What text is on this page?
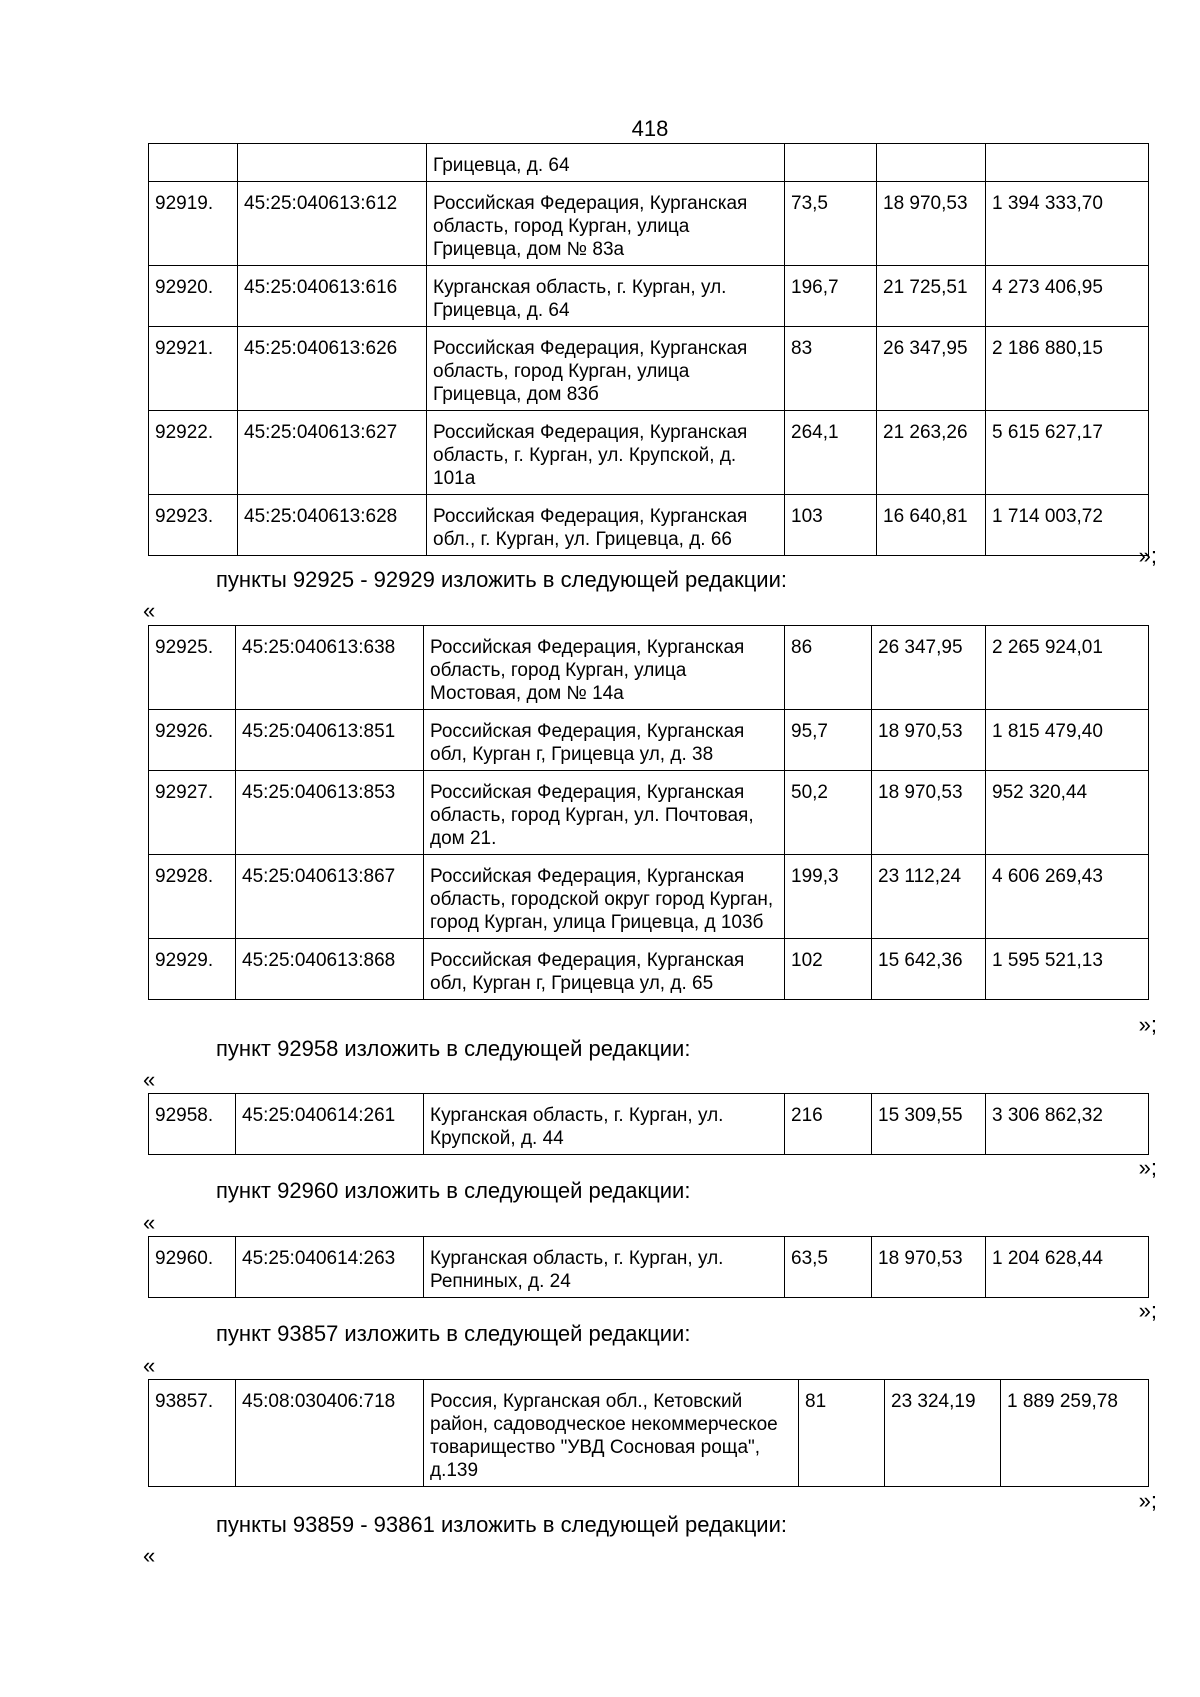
418
		Грицевца, д. 64			
92919.	45:25:040613:612	Российская Федерация, Курганская область, город Курган, улица Грицевца, дом № 83а	73,5	18 970,53	1 394 333,70
92920.	45:25:040613:616	Курганская область, г. Курган, ул. Грицевца, д. 64	196,7	21 725,51	4 273 406,95
92921.	45:25:040613:626	Российская Федерация, Курганская область, город Курган, улица Грицевца, дом 83б	83	26 347,95	2 186 880,15
92922.	45:25:040613:627	Российская Федерация, Курганская область, г. Курган, ул. Крупской, д. 101а	264,1	21 263,26	5 615 627,17
92923.	45:25:040613:628	Российская Федерация, Курганская обл., г. Курган, ул. Грицевца, д. 66	103	16 640,81	1 714 003,72
»;
пункты 92925 - 92929 изложить в следующей редакции:
«
92925.	45:25:040613:638	Российская Федерация, Курганская область, город Курган, улица Мостовая, дом № 14а	86	26 347,95	2 265 924,01
92926.	45:25:040613:851	Российская Федерация, Курганская обл, Курган г, Грицевца ул, д. 38	95,7	18 970,53	1 815 479,40
92927.	45:25:040613:853	Российская Федерация, Курганская область, город Курган, ул. Почтовая, дом 21.	50,2	18 970,53	952 320,44
92928.	45:25:040613:867	Российская Федерация, Курганская область, городской округ город Курган, город Курган, улица Грицевца, д 103б	199,3	23 112,24	4 606 269,43
92929.	45:25:040613:868	Российская Федерация, Курганская обл, Курган г, Грицевца ул, д. 65	102	15 642,36	1 595 521,13
»;
пункт 92958 изложить в следующей редакции:
«
92958.	45:25:040614:261	Курганская область, г. Курган, ул. Крупской, д. 44	216	15 309,55	3 306 862,32
»;
пункт 92960 изложить в следующей редакции:
«
92960.	45:25:040614:263	Курганская область, г. Курган, ул. Репниных, д. 24	63,5	18 970,53	1 204 628,44
»;
пункт 93857 изложить в следующей редакции:
«
93857.	45:08:030406:718	Россия, Курганская обл., Кетовский район, садоводческое некоммерческое товарищество "УВД Сосновая роща", д.139	81	23 324,19	1 889 259,78
»;
пункты 93859 - 93861 изложить в следующей редакции:
«
